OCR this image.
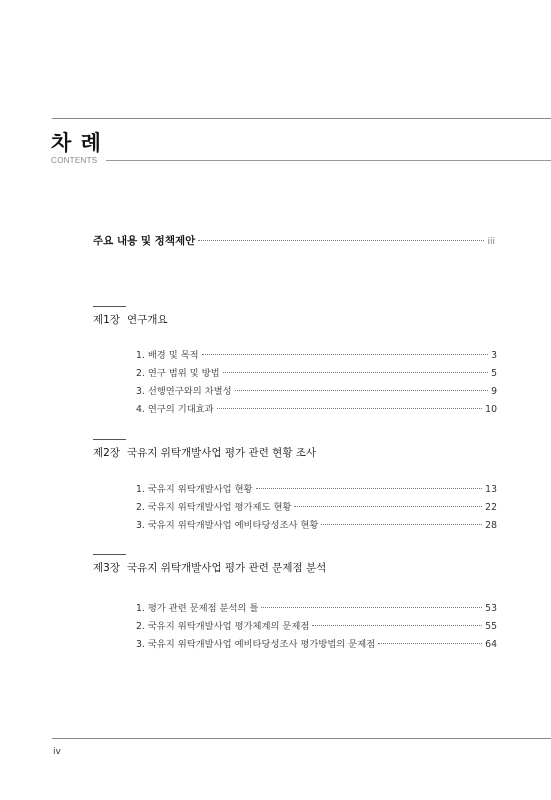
차 례
CONTENTS
주요 내용 및 정책제안	iii
제1장 연구개요
1. 배경 및 목적	3
2. 연구 범위 및 방법	5
3. 선행연구와의 차별성	9
4. 연구의 기대효과	10
제2장 국유지 위탁개발사업 평가 관련 현황 조사
1. 국유지 위탁개발사업 현황	13
2. 국유지 위탁개발사업 평가제도 현황	22
3. 국유지 위탁개발사업 예비타당성조사 현황	28
제3장 국유지 위탁개발사업 평가 관련 문제점 분석
1. 평가 관련 문제점 분석의 틀	53
2. 국유지 위탁개발사업 평가체계의 문제점	55
3. 국유지 위탁개발사업 예비타당성조사 평가방법의 문제점	64
iv
